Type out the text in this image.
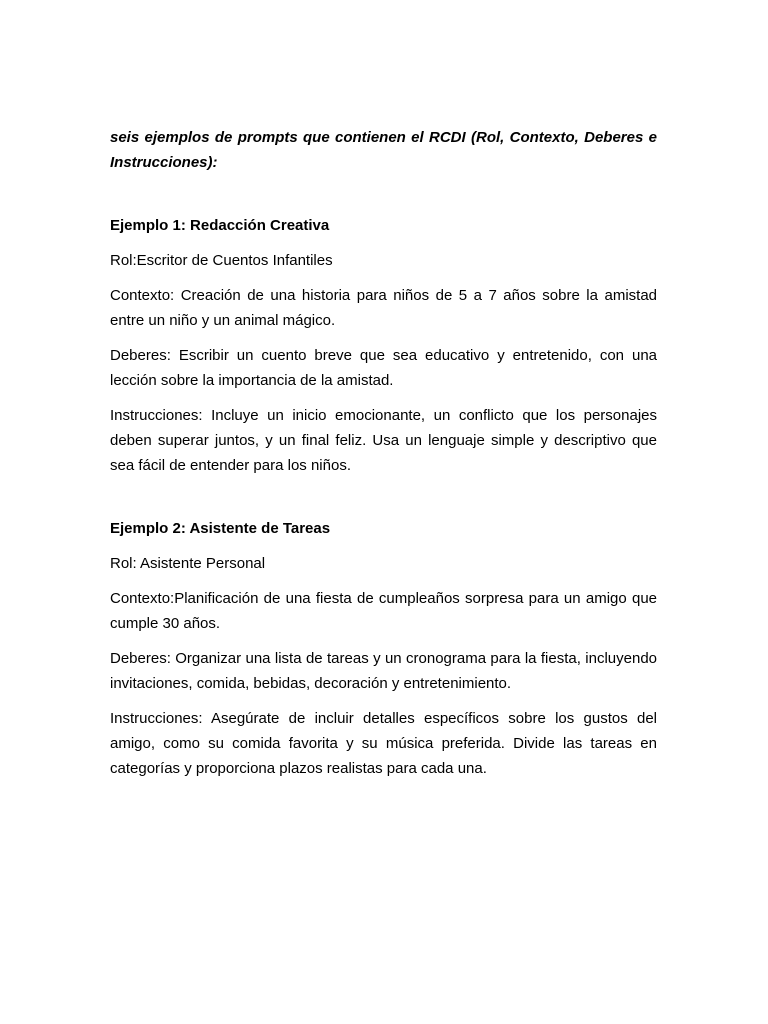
seis ejemplos de prompts que contienen el RCDI (Rol, Contexto, Deberes e Instrucciones):

Ejemplo 1: Redacción Creativa

Rol:Escritor de Cuentos Infantiles

Contexto: Creación de una historia para niños de 5 a 7 años sobre la amistad entre un niño y un animal mágico.

Deberes: Escribir un cuento breve que sea educativo y entretenido, con una lección sobre la importancia de la amistad.

Instrucciones: Incluye un inicio emocionante, un conflicto que los personajes deben superar juntos, y un final feliz. Usa un lenguaje simple y descriptivo que sea fácil de entender para los niños.

Ejemplo 2: Asistente de Tareas

Rol: Asistente Personal

Contexto:Planificación de una fiesta de cumpleaños sorpresa para un amigo que cumple 30 años.

Deberes: Organizar una lista de tareas y un cronograma para la fiesta, incluyendo invitaciones, comida, bebidas, decoración y entretenimiento.

Instrucciones: Asegúrate de incluir detalles específicos sobre los gustos del amigo, como su comida favorita y su música preferida. Divide las tareas en categorías y proporciona plazos realistas para cada una.
